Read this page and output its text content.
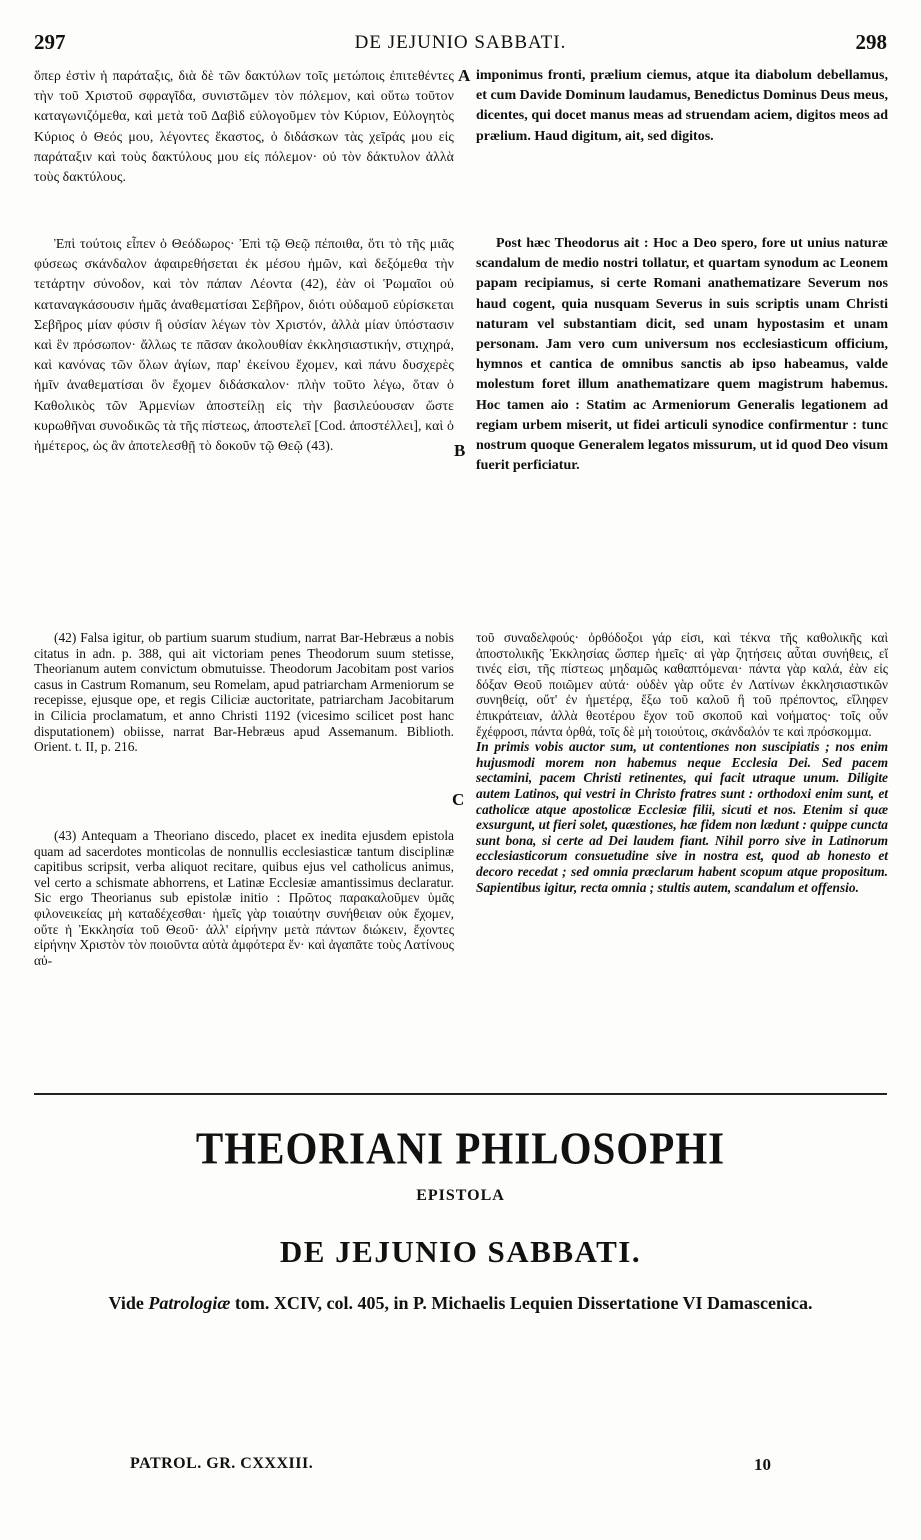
297	DE JEJUNIO SABBATI.	298
ὅπερ ἐστὶν ἡ παράταξις, διὰ δὲ τῶν δακτύλων τοῖς μετώποις ἐπιτεθέντες τὴν τοῦ Χριστοῦ σφραγῖδα, συνιστῶμεν τὸν πόλεμον, καὶ οὕτω τοῦτον καταγωνιζόμεθα, καὶ μετὰ τοῦ Δαβὶδ εὐλογοῦμεν τὸν Κύριον, Εὐλογητὸς Κύριος ὁ Θεός μου, λέγοντες ἕκαστος, ὁ διδάσκων τὰς χεῖράς μου εἰς παράταξιν καὶ τοὺς δακτύλους μου εἰς πόλεμον· οὐ τὸν δάκτυλον ἀλλὰ τοὺς δακτύλους.
imponimus fronti, prælium ciemus, atque ita diabolum debellamus, et cum Davide Dominum laudamus, Benedictus Dominus Deus meus, dicentes, qui docet manus meas ad struendam aciem, digitos meos ad prælium. Haud digitum, ait, sed digitos.
A
Ἐπὶ τούτοις εἶπεν ὁ Θεόδωρος· Ἐπὶ τῷ Θεῷ πέποιθα, ὅτι τὸ τῆς μιᾶς φύσεως σκάνδαλον ἀφαιρεθήσεται ἐκ μέσου ἡμῶν, καὶ δεξόμεθα τὴν τετάρτην σύνοδον, καὶ τὸν πάπαν Λέοντα (42), ἐὰν οἱ Ῥωμαῖοι οὐ καταναγκάσουσιν ἡμᾶς ἀναθεματίσαι Σεβῆρον, διότι οὐδαμοῦ εὑρίσκεται Σεβῆρος μίαν φύσιν ἢ οὐσίαν λέγων τὸν Χριστόν, ἀλλὰ μίαν ὑπόστασιν καὶ ἓν πρόσωπον· ἄλλως τε πᾶσαν ἀκολουθίαν ἐκκλησιαστικήν, στιχηρά, καὶ κανόνας τῶν ὅλων ἁγίων, παρ' ἐκείνου ἔχομεν, καὶ πάνυ δυσχερὲς ἡμῖν ἀναθεματίσαι ὃν ἔχομεν διδάσκαλον· πλὴν τοῦτο λέγω, ὅταν ὁ Καθολικὸς τῶν Ἀρμενίων ἀποστείλῃ εἰς τὴν βασιλεύουσαν ὥστε κυρωθῆναι συνοδικῶς τὰ τῆς πίστεως, ἀποστελεῖ [Cod. ἀποστέλλει], καὶ ὁ ἡμέτερος, ὡς ἂν ἀποτελεσθῇ τὸ δοκοῦν τῷ Θεῷ (43).
Post hæc Theodorus ait : Hoc a Deo spero, fore ut unius naturæ scandalum de medio nostri tollatur, et quartam synodum ac Leonem papam recipiamus, si certe Romani anathematizare Severum nos haud cogent, quia nusquam Severus in suis scriptis unam Christi naturam vel substantiam dicit, sed unam hypostasim et unam personam. Jam vero cum universum nos ecclesiasticum officium, hymnos et cantica de omnibus sanctis ab ipso habeamus, valde molestum foret illum anathematizare quem magistrum habemus. Hoc tamen aio : Statim ac Armeniorum Generalis legationem ad regiam urbem miserit, ut fidei articuli synodice confirmentur : tunc nostrum quoque Generalem legatos missurum, ut id quod Deo visum fuerit perficiatur.
B
(42) Falsa igitur, ob partium suarum studium, narrat Bar-Hebræus a nobis citatus in adn. p. 388, qui ait victoriam penes Theodorum suum stetisse, Theorianum autem convictum obmutuisse. Theodorum Jacobitam post varios casus in Castrum Romanum, seu Romelam, apud patriarcham Armeniorum se recepisse, ejusque ope, et regis Ciliciæ auctoritate, patriarcham Jacobitarum in Cilicia proclamatum, et anno Christi 1192 (vicesimo scilicet post hanc disputationem) obiisse, narrat Bar-Hebræus apud Assemanum. Biblioth. Orient. t. II, p. 216.
(43) Antequam a Theoriano discedo, placet ex inedita ejusdem epistola quam ad sacerdotes monticolas de nonnullis ecclesiasticæ tantum disciplinæ capitibus scripsit, verba aliquot recitare, quibus ejus vel catholicus animus, vel certo a schismate abhorrens, et Latinæ Ecclesiæ amantissimus declaratur. Sic ergo Theorianus sub epistolæ initio : Πρῶτος παρακαλοῦμεν ὑμᾶς φιλονεικείας μὴ καταδέχεσθαι· ἡμεῖς γὰρ τοιαύτην συνήθειαν οὐκ ἔχομεν, οὔτε ἡ Ἐκκλησία τοῦ Θεοῦ· ἀλλ' εἰρήνην μετὰ πάντων διώκειν, ἔχοντες εἰρήνην Χριστὸν τὸν ποιοῦντα αὐτὰ ἀμφότερα ἕν· καὶ ἀγαπᾶτε τοὺς Λατίνους αὐ-
C
τοῦ συναδελφούς· ὀρθόδοξοι γάρ εἰσι, καὶ τέκνα τῆς καθολικῆς καὶ ἀποστολικῆς Ἐκκλησίας ὥσπερ ἡμεῖς· αἱ γὰρ ζητήσεις αὗται συνήθεις, εἴ τινές εἰσι, τῆς πίστεως μηδαμῶς καθαπτόμεναι· πάντα γὰρ καλά, ἐὰν εἰς δόξαν Θεοῦ ποιῶμεν αὐτά· οὐδὲν γὰρ οὔτε ἐν Λατίνων ἐκκλησιαστικῶν συνηθείᾳ, οὔτ' ἐν ἡμετέρᾳ, ἔξω τοῦ καλοῦ ἢ τοῦ πρέποντος, εἴληφεν ἐπικράτειαν, ἀλλὰ θεοτέρου ἔχον τοῦ σκοποῦ καὶ νοήματος· τοῖς οὖν ἔχέφροσι, πάντα ὀρθά, τοῖς δὲ μὴ τοιούτοις, σκάνδαλόν τε καὶ πρόσκομμα.
In primis vobis auctor sum, ut contentiones non suscipiatis ; nos enim hujusmodi morem non habemus neque Ecclesia Dei. Sed pacem sectamini, pacem Christi retinentes, qui facit utraque unum. Diligite autem Latinos, qui vestri in Christo fratres sunt : orthodoxi enim sunt, et catholicæ atque apostolicæ Ecclesiæ filii, sicuti et nos. Etenim si quæ exsurgunt, ut fieri solet, quæstiones, hæ fidem non lædunt : quippe cuncta sunt bona, si certe ad Dei laudem fiant. Nihil porro sive in Latinorum ecclesiasticorum consuetudine sive in nostra est, quod ab honesto et decoro recedat ; sed omnia præclarum habent scopum atque propositum. Sapientibus igitur, recta omnia ; stultis autem, scandalum et offensio.
THEORIANI PHILOSOPHI
EPISTOLA
DE JEJUNIO SABBATI.
Vide Patrologiæ tom. XCIV, col. 405, in P. Michaelis Lequien Dissertatione VI Damascenica.
PATROL. GR. CXXXIII.	10
